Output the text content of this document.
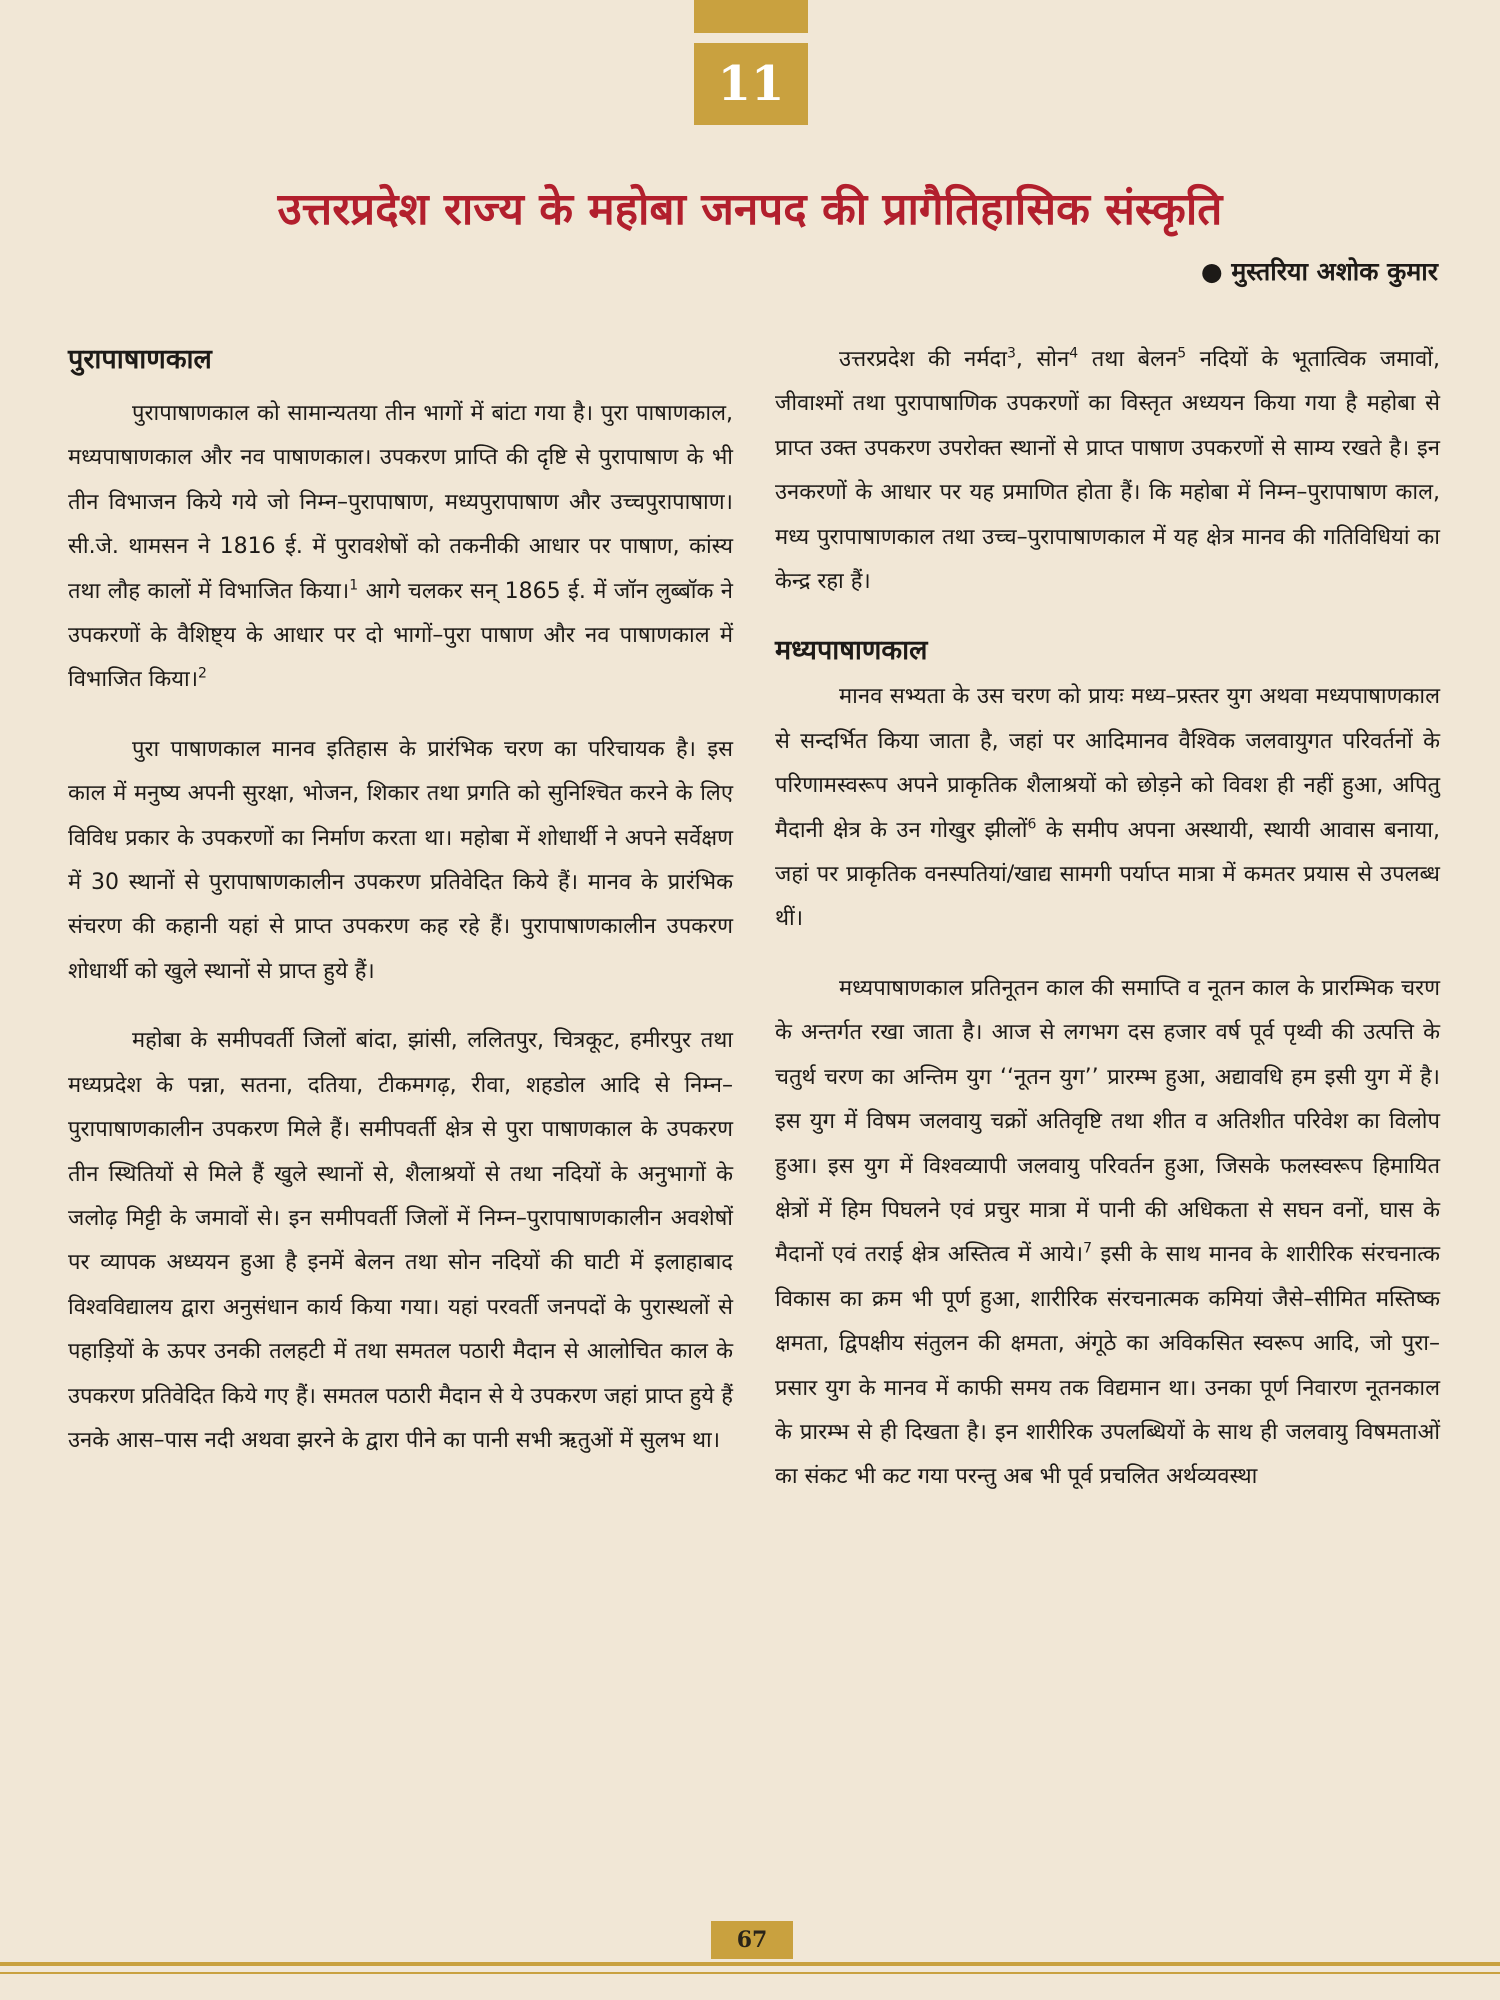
11
उत्तरप्रदेश राज्य के महोबा जनपद की प्रागैतिहासिक संस्कृति
● मुस्तरिया अशोक कुमार
पुरापाषाणकाल

पुरापाषाणकाल को सामान्यतया तीन भागों में बांटा गया है। पुरा पाषाणकाल, मध्यपाषाणकाल और नव पाषाणकाल। उपकरण प्राप्ति की दृष्टि से पुरापाषाण के भी तीन विभाजन किये गये जो निम्न–पुरापाषाण, मध्यपुरापाषाण और उच्चपुरापाषाण। सी.जे. थामसन ने 1816 ई. में पुरावशेषों को तकनीकी आधार पर पाषाण, कांस्य तथा लौह कालों में विभाजित किया।$^1$ आगे चलकर सन् 1865 ई. में जॉन लुब्बॉक ने उपकरणों के वैशिष्ट्य के आधार पर दो भागों–पुरा पाषाण और नव पाषाणकाल में विभाजित किया।$^2$

पुरा पाषाणकाल मानव इतिहास के प्रारंभिक चरण का परिचायक है। इस काल में मनुष्य अपनी सुरक्षा, भोजन, शिकार तथा प्रगति को सुनिश्चित करने के लिए विविध प्रकार के उपकरणों का निर्माण करता था। महोबा में शोधार्थी ने अपने सर्वेक्षण में 30 स्थानों से पुरापाषाणकालीन उपकरण प्रतिवेदित किये हैं। मानव के प्रारंभिक संचरण की कहानी यहां से प्राप्त उपकरण कह रहे हैं। पुरापाषाणकालीन उपकरण शोधार्थी को खुले स्थानों से प्राप्त हुये हैं।

महोबा के समीपवर्ती जिलों बांदा, झांसी, ललितपुर, चित्रकूट, हमीरपुर तथा मध्यप्रदेश के पन्ना, सतना, दतिया, टीकमगढ़, रीवा, शहडोल आदि से निम्न–पुरापाषाणकालीन उपकरण मिले हैं। समीपवर्ती क्षेत्र से पुरा पाषाणकाल के उपकरण तीन स्थितियों से मिले हैं खुले स्थानों से, शैलाश्रयों से तथा नदियों के अनुभागों के जलोढ़ मिट्टी के जमावों से। इन समीपवर्ती जिलों में निम्न–पुरापाषाणकालीन अवशेषों पर व्यापक अध्ययन हुआ है इनमें बेलन तथा सोन नदियों की घाटी में इलाहाबाद विश्वविद्यालय द्वारा अनुसंधान कार्य किया गया। यहां परवर्ती जनपदों के पुरास्थलों से पहाड़ियों के ऊपर उनकी तलहटी में तथा समतल पठारी मैदान से आलोचित काल के उपकरण प्रतिवेदित किये गए हैं। समतल पठारी मैदान से ये उपकरण जहां प्राप्त हुये हैं उनके आस–पास नदी अथवा झरने के द्वारा पीने का पानी सभी ऋतुओं में सुलभ था।

उत्तरप्रदेश की नर्मदा$^3$, सोन$^4$ तथा बेलन$^5$ नदियों के भूतात्विक जमावों, जीवाश्मों तथा पुरापाषाणिक उपकरणों का विस्तृत अध्ययन किया गया है महोबा से प्राप्त उक्त उपकरण उपरोक्त स्थानों से प्राप्त पाषाण उपकरणों से साम्य रखते है। इन उनकरणों के आधार पर यह प्रमाणित होता हैं। कि महोबा में निम्न–पुरापाषाण काल, मध्य पुरापाषाणकाल तथा उच्च–पुरापाषाणकाल में यह क्षेत्र मानव की गतिविधियां का केन्द्र रहा हैं।

मध्यपाषाणकाल

मानव सभ्यता के उस चरण को प्रायः मध्य–प्रस्तर युग अथवा मध्यपाषाणकाल से सन्दर्भित किया जाता है, जहां पर आदिमानव वैश्विक जलवायुगत परिवर्तनों के परिणामस्वरूप अपने प्राकृतिक शैलाश्रयों को छोड़ने को विवश ही नहीं हुआ, अपितु मैदानी क्षेत्र के उन गोखुर झीलों$^6$ के समीप अपना अस्थायी, स्थायी आवास बनाया, जहां पर प्राकृतिक वनस्पतियां/खाद्य सामगी पर्याप्त मात्रा में कमतर प्रयास से उपलब्ध थीं।

मध्यपाषाणकाल प्रतिनूतन काल की समाप्ति व नूतन काल के प्रारम्भिक चरण के अन्तर्गत रखा जाता है। आज से लगभग दस हजार वर्ष पूर्व पृथ्वी की उत्पत्ति के चतुर्थ चरण का अन्तिम युग ‘‘नूतन युग’’ प्रारम्भ हुआ, अद्यावधि हम इसी युग में है। इस युग में विषम जलवायु चक्रों अतिवृष्टि तथा शीत व अतिशीत परिवेश का विलोप हुआ। इस युग में विश्वव्यापी जलवायु परिवर्तन हुआ, जिसके फलस्वरूप हिमायित क्षेत्रों में हिम पिघलने एवं प्रचुर मात्रा में पानी की अधिकता से सघन वनों, घास के मैदानों एवं तराई क्षेत्र अस्तित्व में आये।$^7$ इसी के साथ मानव के शारीरिक संरचनात्क विकास का क्रम भी पूर्ण हुआ, शारीरिक संरचनात्मक कमियां जैसे–सीमित मस्तिष्क क्षमता, द्विपक्षीय संतुलन की क्षमता, अंगूठे का अविकसित स्वरूप आदि, जो पुरा–प्रसार युग के मानव में काफी समय तक विद्यमान था। उनका पूर्ण निवारण नूतनकाल के प्रारम्भ से ही दिखता है। इन शारीरिक उपलब्धियों के साथ ही जलवायु विषमताओं का संकट भी कट गया परन्तु अब भी पूर्व प्रचलित अर्थव्यवस्था

67
